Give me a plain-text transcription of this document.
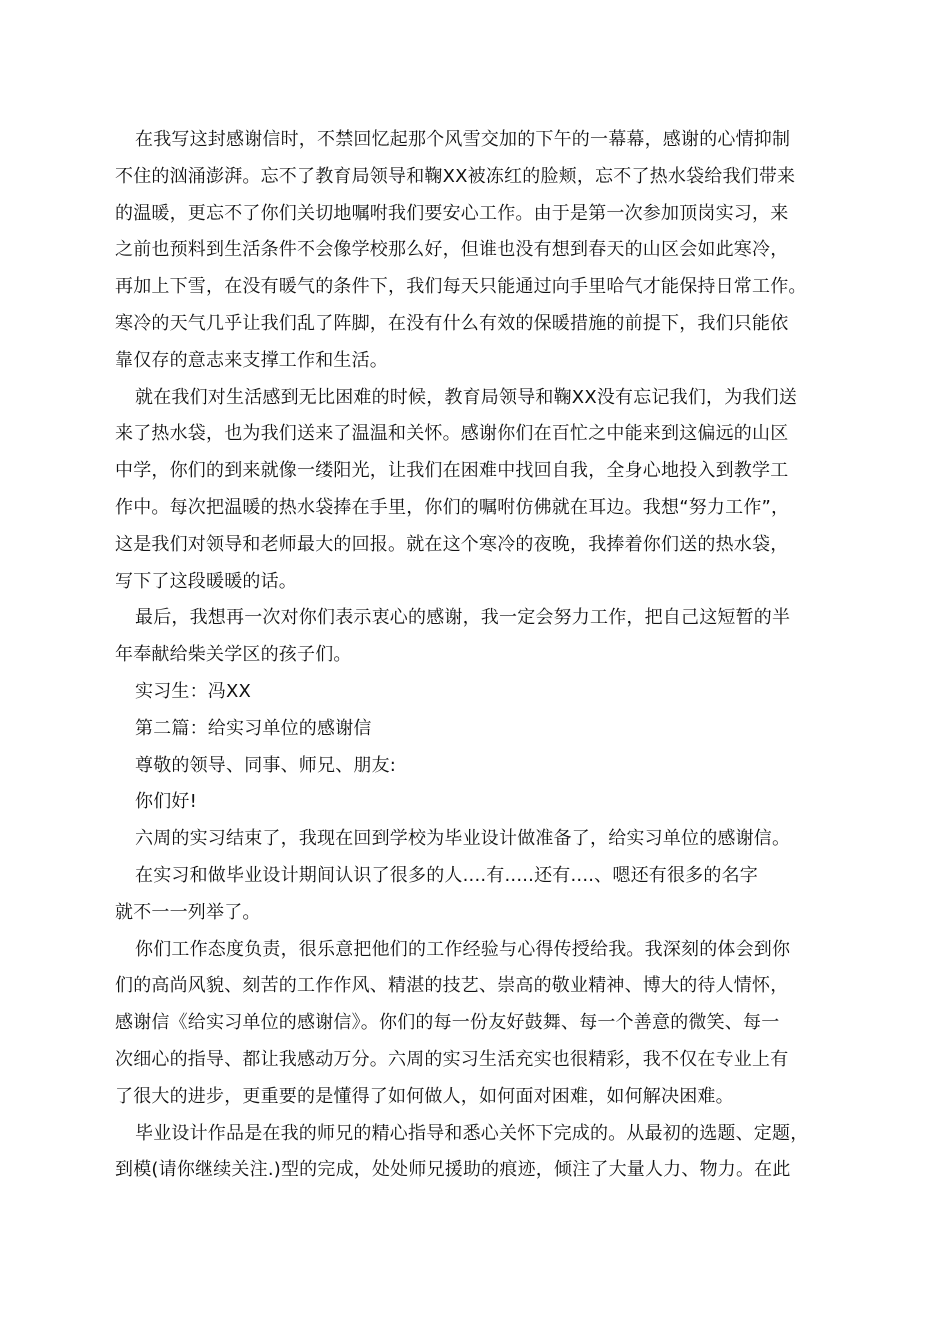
在我写这封感谢信时，不禁回忆起那个风雪交加的下午的一幕幕，感谢的心情抑制
不住的汹涌澎湃。忘不了教育局领导和鞠XX被冻红的脸颊，忘不了热水袋给我们带来
的温暖，更忘不了你们关切地嘱咐我们要安心工作。由于是第一次参加顶岗实习，来
之前也预料到生活条件不会像学校那么好，但谁也没有想到春天的山区会如此寒冷，
再加上下雪，在没有暖气的条件下，我们每天只能通过向手里哈气才能保持日常工作。
寒冷的天气几乎让我们乱了阵脚，在没有什么有效的保暖措施的前提下，我们只能依
靠仅存的意志来支撑工作和生活。
就在我们对生活感到无比困难的时候，教育局领导和鞠XX没有忘记我们，为我们送
来了热水袋，也为我们送来了温温和关怀。感谢你们在百忙之中能来到这偏远的山区
中学，你们的到来就像一缕阳光，让我们在困难中找回自我，全身心地投入到教学工
作中。每次把温暖的热水袋捧在手里，你们的嘱咐仿佛就在耳边。我想“努力工作”，
这是我们对领导和老师最大的回报。就在这个寒冷的夜晚，我捧着你们送的热水袋，
写下了这段暖暖的话。
最后，我想再一次对你们表示衷心的感谢，我一定会努力工作，把自己这短暂的半
年奉献给柴关学区的孩子们。
实习生：冯XX
第二篇：给实习单位的感谢信
尊敬的领导、同事、师兄、朋友:
你们好!
六周的实习结束了，我现在回到学校为毕业设计做准备了，给实习单位的感谢信。
在实习和做毕业设计期间认识了很多的人....有.....还有....、嗯还有很多的名字
就不一一列举了。
你们工作态度负责，很乐意把他们的工作经验与心得传授给我。我深刻的体会到你
们的高尚风貌、刻苦的工作作风、精湛的技艺、崇高的敬业精神、博大的待人情怀，
感谢信《给实习单位的感谢信》。你们的每一份友好鼓舞、每一个善意的微笑、每一
次细心的指导、都让我感动万分。六周的实习生活充实也很精彩，我不仅在专业上有
了很大的进步，更重要的是懂得了如何做人，如何面对困难，如何解决困难。
毕业设计作品是在我的师兄的精心指导和悉心关怀下完成的。从最初的选题、定题，
到模(请你继续关注.)型的完成，处处师兄援助的痕迹，倾注了大量人力、物力。在此
